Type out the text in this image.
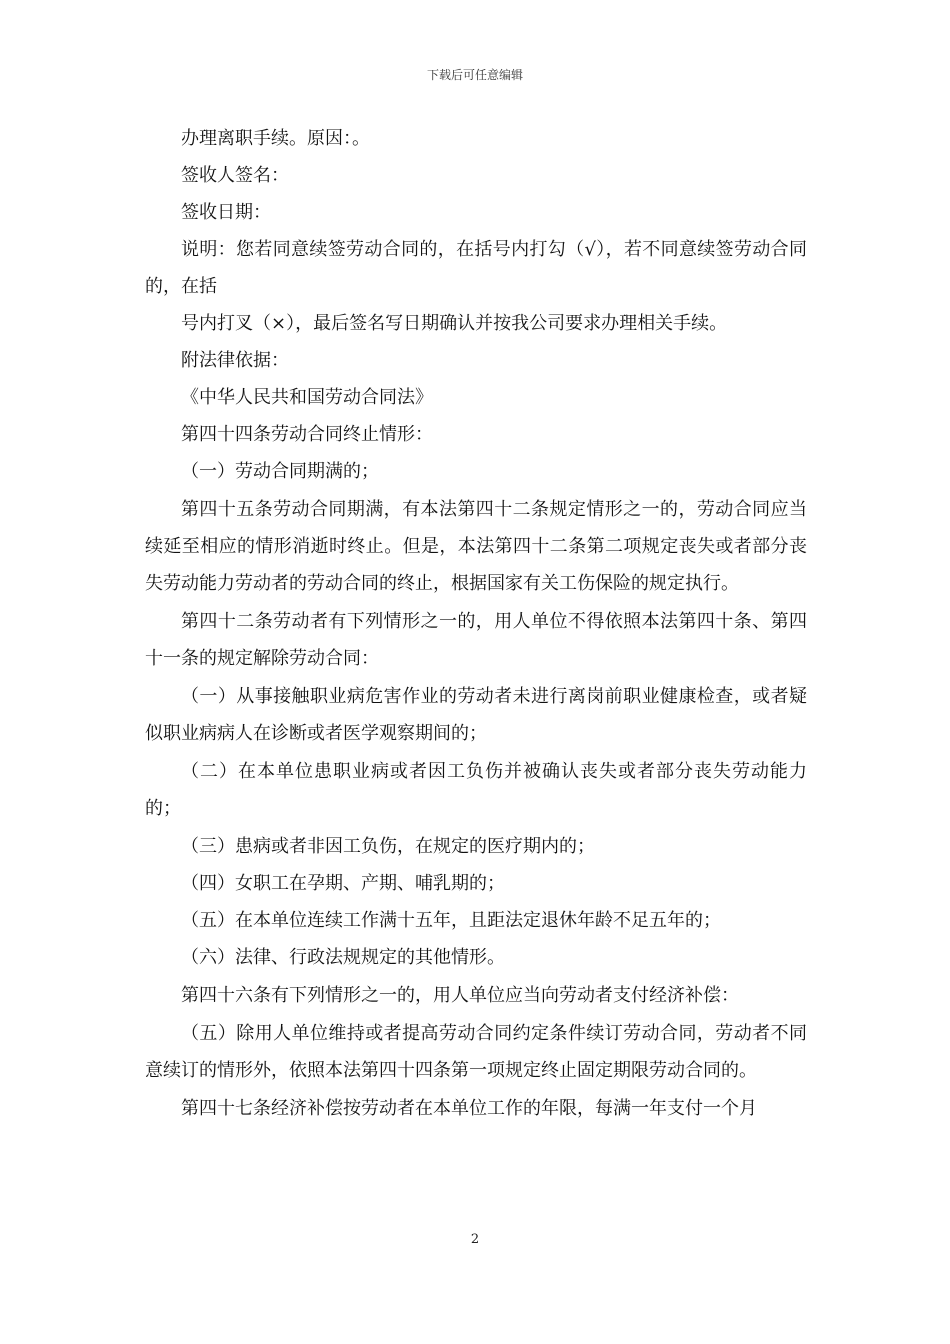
下载后可任意编辑

办理离职手续。原因：。

签收人签名：

签收日期：

说明：您若同意续签劳动合同的，在括号内打勾（√），若不同意续签劳动合同的，在括

号内打叉（×），最后签名写日期确认并按我公司要求办理相关手续。

附法律依据：

《中华人民共和国劳动合同法》

第四十四条劳动合同终止情形：

（一）劳动合同期满的；

第四十五条劳动合同期满，有本法第四十二条规定情形之一的，劳动合同应当续延至相应的情形消逝时终止。但是，本法第四十二条第二项规定丧失或者部分丧失劳动能力劳动者的劳动合同的终止，根据国家有关工伤保险的规定执行。

第四十二条劳动者有下列情形之一的，用人单位不得依照本法第四十条、第四十一条的规定解除劳动合同：

（一）从事接触职业病危害作业的劳动者未进行离岗前职业健康检查，或者疑似职业病病人在诊断或者医学观察期间的；

（二）在本单位患职业病或者因工负伤并被确认丧失或者部分丧失劳动能力的；

（三）患病或者非因工负伤，在规定的医疗期内的；

（四）女职工在孕期、产期、哺乳期的；

（五）在本单位连续工作满十五年，且距法定退休年龄不足五年的；

（六）法律、行政法规规定的其他情形。

第四十六条有下列情形之一的，用人单位应当向劳动者支付经济补偿：

（五）除用人单位维持或者提高劳动合同约定条件续订劳动合同，劳动者不同意续订的情形外，依照本法第四十四条第一项规定终止固定期限劳动合同的。

第四十七条经济补偿按劳动者在本单位工作的年限，每满一年支付一个月

2
